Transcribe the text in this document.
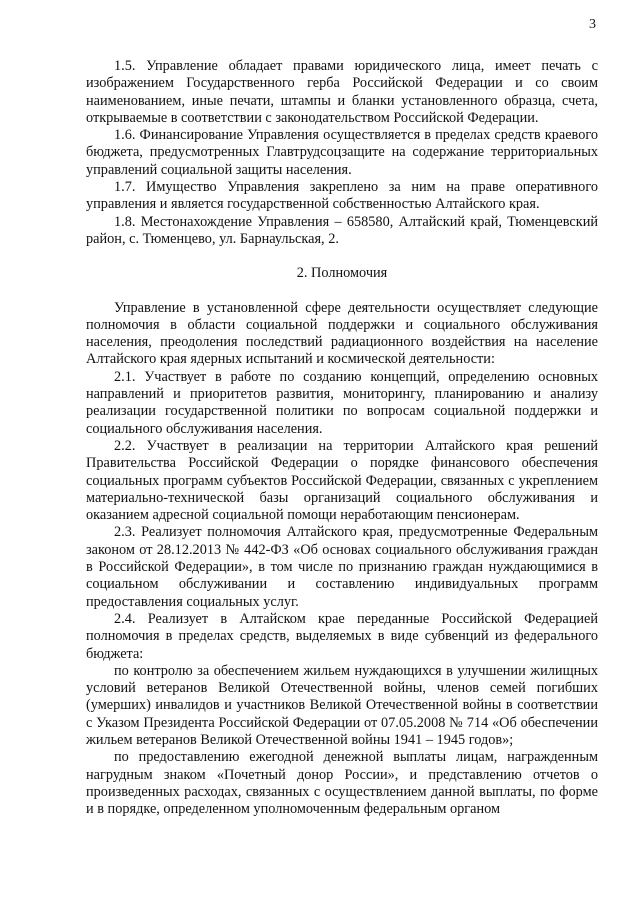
3

1.5. Управление обладает правами юридического лица, имеет печать с изображением Государственного герба Российской Федерации и со своим наименованием, иные печати, штампы и бланки установленного образца, счета, открываемые в соответствии с законодательством Российской Федерации.

1.6. Финансирование Управления осуществляется в пределах средств краевого бюджета, предусмотренных Главтрудсоцзащите на содержание территориальных управлений социальной защиты населения.

1.7. Имущество Управления закреплено за ним на праве оперативного управления и является государственной собственностью Алтайского края.

1.8. Местонахождение Управления – 658580, Алтайский край, Тюменцевский район, с. Тюменцево, ул. Барнаульская, 2.

2. Полномочия

Управление в установленной сфере деятельности осуществляет следующие полномочия в области социальной поддержки и социального обслуживания населения, преодоления последствий радиационного воздействия на население Алтайского края ядерных испытаний и космической деятельности:

2.1. Участвует в работе по созданию концепций, определению основных направлений и приоритетов развития, мониторингу, планированию и анализу реализации государственной политики по вопросам социальной поддержки и социального обслуживания населения.

2.2. Участвует в реализации на территории Алтайского края решений Правительства Российской Федерации о порядке финансового обеспечения социальных программ субъектов Российской Федерации, связанных с укреплением материально-технической базы организаций социального обслуживания и оказанием адресной социальной помощи неработающим пенсионерам.

2.3. Реализует полномочия Алтайского края, предусмотренные Федеральным законом от 28.12.2013 № 442-ФЗ «Об основах социального обслуживания граждан в Российской Федерации», в том числе по признанию граждан нуждающимися в социальном обслуживании и составлению индивидуальных программ предоставления социальных услуг.

2.4. Реализует в Алтайском крае переданные Российской Федерацией полномочия в пределах средств, выделяемых в виде субвенций из федерального бюджета:

по контролю за обеспечением жильем нуждающихся в улучшении жилищных условий ветеранов Великой Отечественной войны, членов семей погибших (умерших) инвалидов и участников Великой Отечественной войны в соответствии с Указом Президента Российской Федерации от 07.05.2008 № 714 «Об обеспечении жильем ветеранов Великой Отечественной войны 1941 – 1945 годов»;

по предоставлению ежегодной денежной выплаты лицам, награжденным нагрудным знаком «Почетный донор России», и представлению отчетов о произведенных расходах, связанных с осуществлением данной выплаты, по форме и в порядке, определенном уполномоченным федеральным органом
